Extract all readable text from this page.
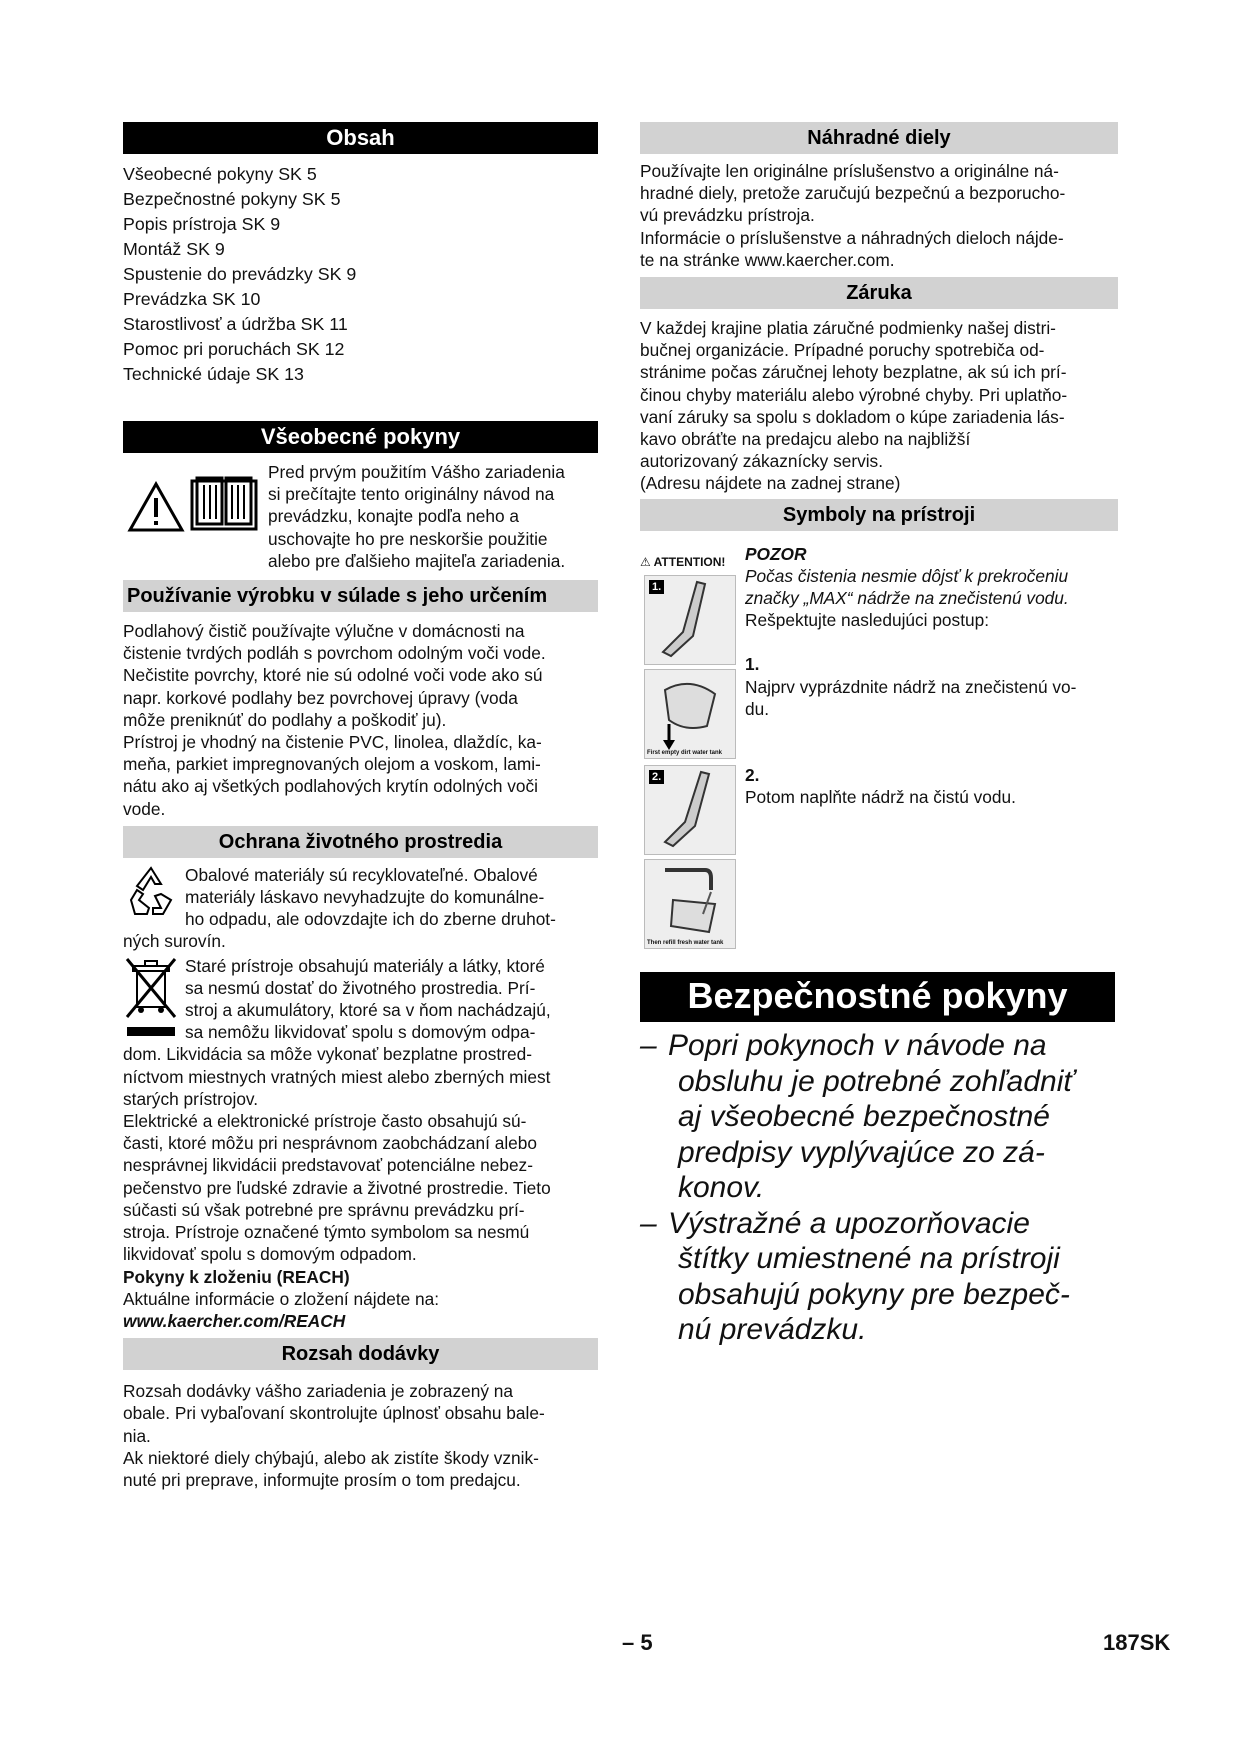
Obsah
Všeobecné pokyny SK 5
Bezpečnostné pokyny SK 5
Popis prístroja SK 9
Montáž SK 9
Spustenie do prevádzky SK 9
Prevádzka SK 10
Starostlivosť a údržba SK 11
Pomoc pri poruchách SK 12
Technické údaje SK 13
Všeobecné pokyny
Pred prvým použitím Vášho zariadenia
si prečítajte tento originálny návod na
prevádzku, konajte podľa neho a
uschovajte ho pre neskoršie použitie
alebo pre ďalšieho majiteľa zariadenia.
Používanie výrobku v súlade s jeho určením
Podlahový čistič používajte výlučne v domácnosti na
čistenie tvrdých podláh s povrchom odolným voči vode.
Nečistite povrchy, ktoré nie sú odolné voči vode ako sú
napr. korkové podlahy bez povrchovej úpravy (voda
môže preniknúť do podlahy a poškodiť ju).
Prístroj je vhodný na čistenie PVC, linolea, dlaždíc, ka-
meňa, parkiet impregnovaných olejom a voskom, lami-
nátu ako aj všetkých podlahových krytín odolných voči
vode.
Ochrana životného prostredia
Obalové materiály sú recyklovateľné. Obalové
materiály láskavo nevyhadzujte do komunálne-
ho odpadu, ale odovzdajte ich do zberne druhot-
ných surovín.
Staré prístroje obsahujú materiály a látky, ktoré
sa nesmú dostať do životného prostredia. Prí-
stroj a akumulátory, ktoré sa v ňom nachádzajú,
sa nemôžu likvidovať spolu s domovým odpa-
dom. Likvidácia sa môže vykonať bezplatne prostred-
níctvom miestnych vratných miest alebo zberných miest
starých prístrojov.
Elektrické a elektronické prístroje často obsahujú sú-
časti, ktoré môžu pri nesprávnom zaobchádzaní alebo
nesprávnej likvidácii predstavovať potenciálne nebez-
pečenstvo pre ľudské zdravie a životné prostredie. Tieto
súčasti sú však potrebné pre správnu prevádzku prí-
stroja. Prístroje označené týmto symbolom sa nesmú
likvidovať spolu s domovým odpadom.
Pokyny k zloženiu (REACH)
Aktuálne informácie o zložení nájdete na:
www.kaercher.com/REACH
Rozsah dodávky
Rozsah dodávky vášho zariadenia je zobrazený na
obale. Pri vybaľovaní skontrolujte úplnosť obsahu bale-
nia.
Ak niektoré diely chýbajú, alebo ak zistíte škody vznik-
nuté pri preprave, informujte prosím o tom predajcu.
Náhradné diely
Používajte len originálne príslušenstvo a originálne ná-
hradné diely, pretože zaručujú bezpečnú a bezporucho-
vú prevádzku prístroja.
Informácie o príslušenstve a náhradných dieloch nájde-
te na stránke www.kaercher.com.
Záruka
V každej krajine platia záručné podmienky našej distri-
bučnej organizácie. Prípadné poruchy spotrebiča od-
stránime počas záručnej lehoty bezplatne, ak sú ich prí-
činou chyby materiálu alebo výrobné chyby. Pri uplatňo-
vaní záruky sa spolu s dokladom o kúpe zariadenia lás-
kavo obráťte na predajcu alebo na najbližší
autorizovaný zákaznícky servis.
(Adresu nájdete na zadnej strane)
Symboly na prístroji
⚠ ATTENTION!
1.
First empty dirt water tank
2.
Then refill fresh water tank
POZOR
Počas čistenia nesmie dôjsť k prekročeniu
značky „MAX“ nádrže na znečistenú vodu.
Rešpektujte nasledujúci postup:
1.
Najprv vyprázdnite nádrž na znečistenú vo-
du.
2.
Potom naplňte nádrž na čistú vodu.
Bezpečnostné pokyny
– Popri pokynoch v návode na
obsluhu je potrebné zohľadniť
aj všeobecné bezpečnostné
predpisy vyplývajúce zo zá-
konov.
– Výstražné a upozorňovacie
štítky umiestnené na prístroji
obsahujú pokyny pre bezpeč-
nú prevádzku.
– 5	187SK
